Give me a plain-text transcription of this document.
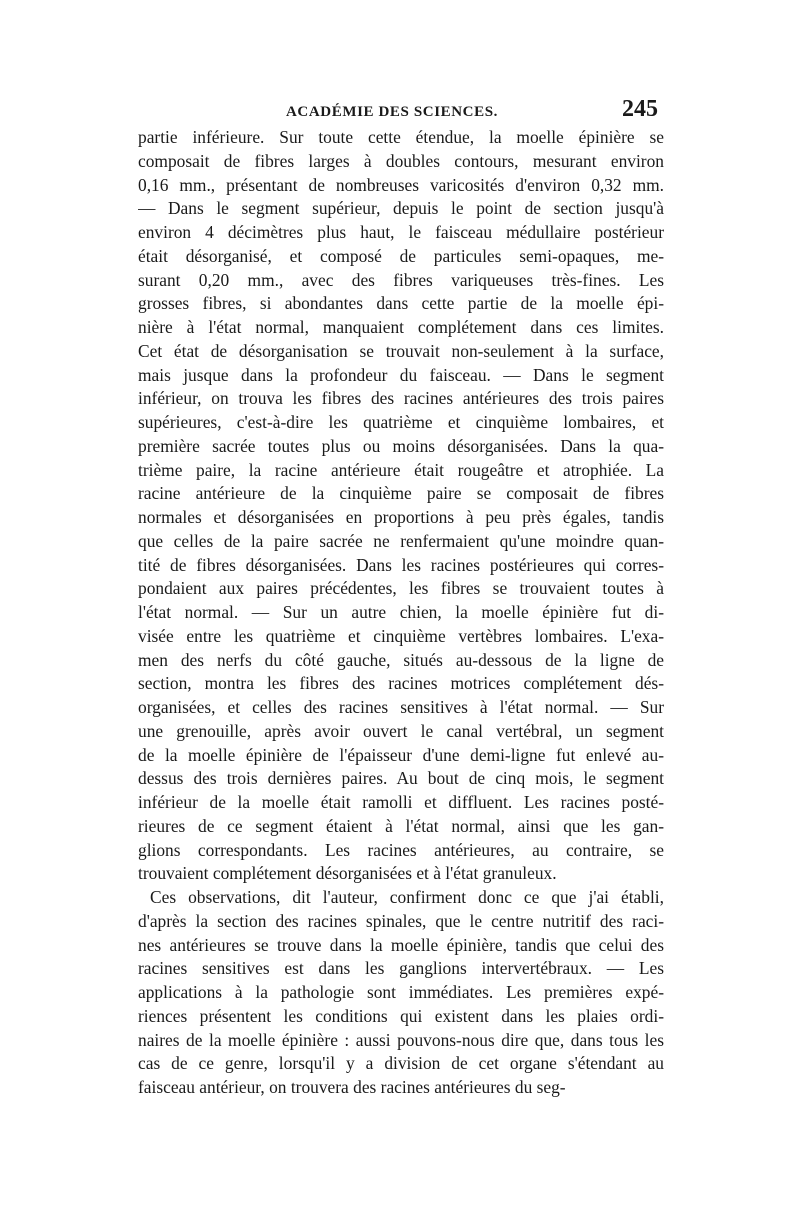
ACADÉMIE DES SCIENCES.	245
partie inférieure. Sur toute cette étendue, la moelle épinière se
composait de fibres larges à doubles contours, mesurant environ
0,16 mm., présentant de nombreuses varicosités d'environ 0,32 mm.
— Dans le segment supérieur, depuis le point de section jusqu'à
environ 4 décimètres plus haut, le faisceau médullaire postérieur
était désorganisé, et composé de particules semi-opaques, me-
surant 0,20 mm., avec des fibres variqueuses très-fines. Les
grosses fibres, si abondantes dans cette partie de la moelle épi-
nière à l'état normal, manquaient complétement dans ces limites.
Cet état de désorganisation se trouvait non-seulement à la surface,
mais jusque dans la profondeur du faisceau. — Dans le segment
inférieur, on trouva les fibres des racines antérieures des trois paires
supérieures, c'est-à-dire les quatrième et cinquième lombaires, et
première sacrée toutes plus ou moins désorganisées. Dans la qua-
trième paire, la racine antérieure était rougeâtre et atrophiée. La
racine antérieure de la cinquième paire se composait de fibres
normales et désorganisées en proportions à peu près égales, tandis
que celles de la paire sacrée ne renfermaient qu'une moindre quan-
tité de fibres désorganisées. Dans les racines postérieures qui corres-
pondaient aux paires précédentes, les fibres se trouvaient toutes à
l'état normal. — Sur un autre chien, la moelle épinière fut di-
visée entre les quatrième et cinquième vertèbres lombaires. L'exa-
men des nerfs du côté gauche, situés au-dessous de la ligne de
section, montra les fibres des racines motrices complétement dés-
organisées, et celles des racines sensitives à l'état normal. — Sur
une grenouille, après avoir ouvert le canal vertébral, un segment
de la moelle épinière de l'épaisseur d'une demi-ligne fut enlevé au-
dessus des trois dernières paires. Au bout de cinq mois, le segment
inférieur de la moelle était ramolli et diffluent. Les racines posté-
rieures de ce segment étaient à l'état normal, ainsi que les gan-
glions correspondants. Les racines antérieures, au contraire, se
trouvaient complétement désorganisées et à l'état granuleux.
Ces observations, dit l'auteur, confirment donc ce que j'ai établi,
d'après la section des racines spinales, que le centre nutritif des raci-
nes antérieures se trouve dans la moelle épinière, tandis que celui des
racines sensitives est dans les ganglions intervertébraux. — Les
applications à la pathologie sont immédiates. Les premières expé-
riences présentent les conditions qui existent dans les plaies ordi-
naires de la moelle épinière : aussi pouvons-nous dire que, dans tous les
cas de ce genre, lorsqu'il y a division de cet organe s'étendant au
faisceau antérieur, on trouvera des racines antérieures du seg-
